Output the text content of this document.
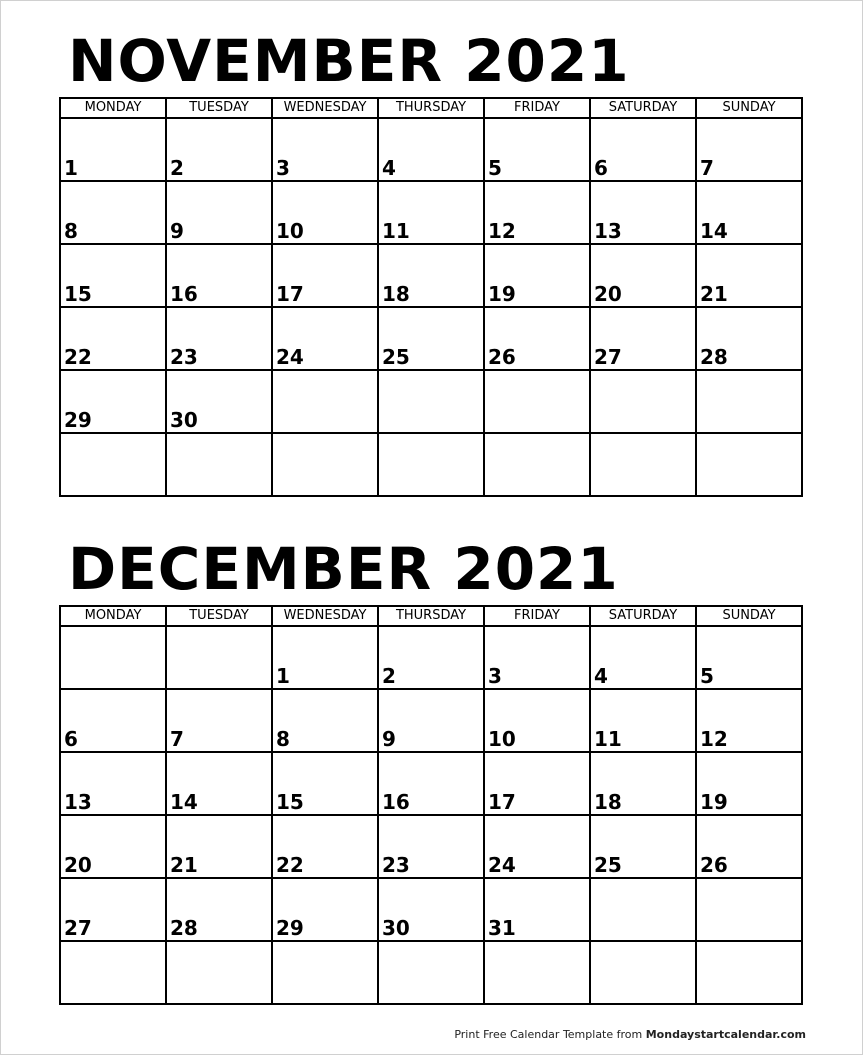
NOVEMBER 2021
MONDAY	TUESDAY	WEDNESDAY	THURSDAY	FRIDAY	SATURDAY	SUNDAY

1	2	3	4	5	6	7

8	9	10	11	12	13	14

15	16	17	18	19	20	21

22	23	24	25	26	27	28

29	30					

DECEMBER 2021
MONDAY	TUESDAY	WEDNESDAY	THURSDAY	FRIDAY	SATURDAY	SUNDAY

		1	2	3	4	5

6	7	8	9	10	11	12

13	14	15	16	17	18	19

20	21	22	23	24	25	26

27	28	29	30	31		

Print Free Calendar Template from Mondaystartcalendar.com
